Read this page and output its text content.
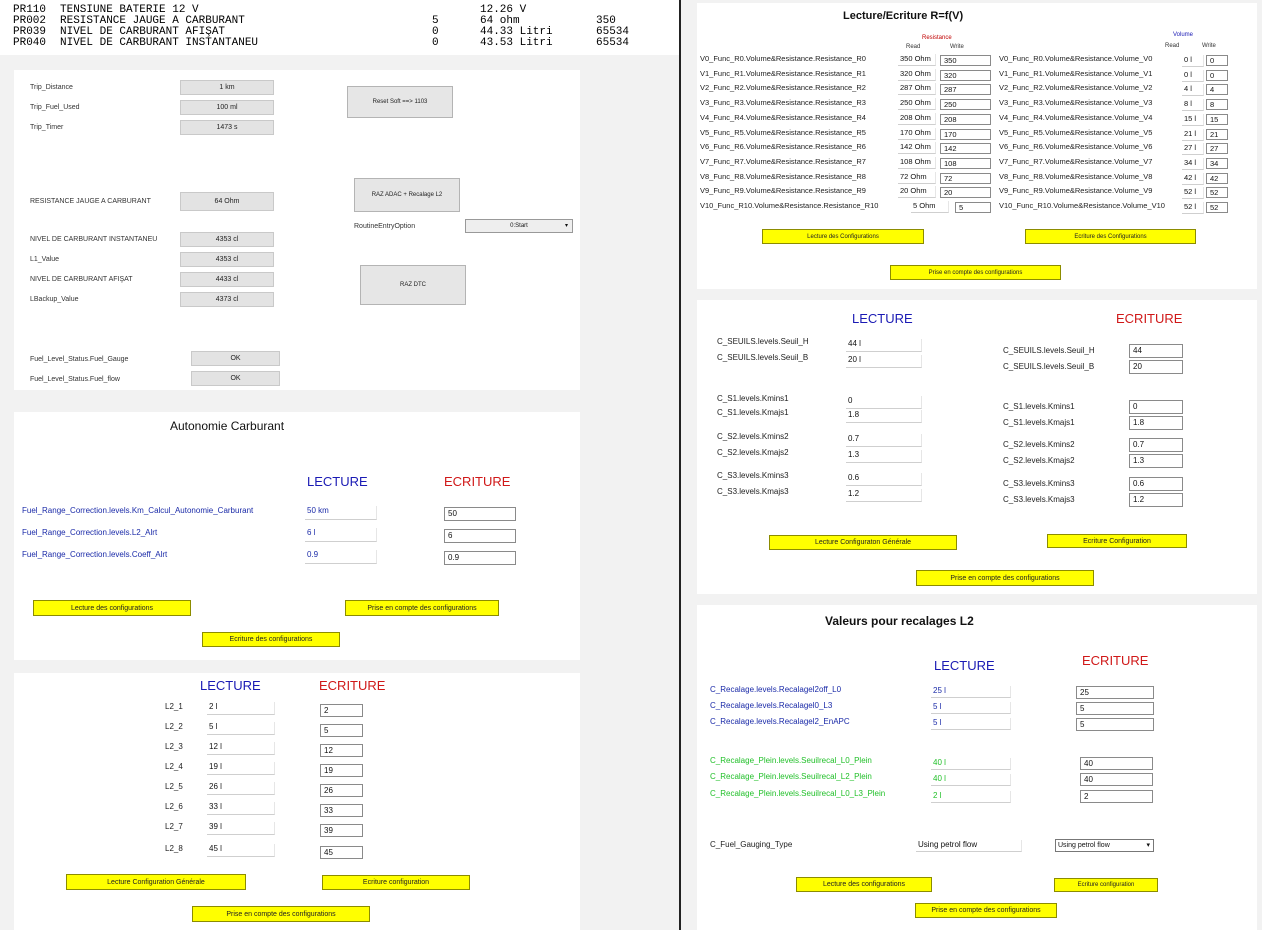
PR110 TENSIUNE BATERIE 12 V	12.26 V
PR002 RESISTANCE JAUGE A CARBURANT	5	64 ohm	350
PR039 NIVEL DE CARBURANT AFIŞAT	0	44.33 Litri	65534
PR040 NIVEL DE CARBURANT INSTANTANEU	0	43.53 Litri	65534
Trip_Distance	1 km
Trip_Fuel_Used	100 ml
Trip_Timer	1473 s
Reset Soft ==> 1103
RESISTANCE JAUGE A CARBURANT	64 Ohm
RAZ ADAC + Recalage L2
RoutineEntryOption	0:Start	▾
NIVEL DE CARBURANT INSTANTANEU	4353 cl
L1_Value	4353 cl
NIVEL DE CARBURANT AFIŞAT	4433 cl
LBackup_Value	4373 cl
RAZ DTC
Fuel_Level_Status.Fuel_Gauge	OK
Fuel_Level_Status.Fuel_flow	OK
Autonomie Carburant
LECTURE	ECRITURE
Fuel_Range_Correction.levels.Km_Calcul_Autonomie_Carburant	50 km	50
Fuel_Range_Correction.levels.L2_Alrt	6 l	6
Fuel_Range_Correction.levels.Coeff_Alrt	0.9	0.9
Lecture des configurations	Prise en compte des configurations
Ecriture des configurations
LECTURE	ECRITURE
L2_1	2 l	2
L2_2	5 l	5
L2_3	12 l	12
L2_4	19 l	19
L2_5	26 l	26
L2_6	33 l	33
L2_7	39 l	39
L2_8	45 l	45
Lecture Configuration Générale	Ecriture configuration
Prise en compte des configurations
Lecture/Ecriture R=f(V)
Resistance	Volume
Read	Write	Read	Write
V0_Func_R0.Volume&Resistance.Resistance_R0	350 Ohm	350	V0_Func_R0.Volume&Resistance.Volume_V0	0 l	0
V1_Func_R1.Volume&Resistance.Resistance_R1	320 Ohm	320	V1_Func_R1.Volume&Resistance.Volume_V1	0 l	0
V2_Func_R2.Volume&Resistance.Resistance_R2	287 Ohm	287	V2_Func_R2.Volume&Resistance.Volume_V2	4 l	4
V3_Func_R3.Volume&Resistance.Resistance_R3	250 Ohm	250	V3_Func_R3.Volume&Resistance.Volume_V3	8 l	8
V4_Func_R4.Volume&Resistance.Resistance_R4	208 Ohm	208	V4_Func_R4.Volume&Resistance.Volume_V4	15 l	15
V5_Func_R5.Volume&Resistance.Resistance_R5	170 Ohm	170	V5_Func_R5.Volume&Resistance.Volume_V5	21 l	21
V6_Func_R6.Volume&Resistance.Resistance_R6	142 Ohm	142	V6_Func_R6.Volume&Resistance.Volume_V6	27 l	27
V7_Func_R7.Volume&Resistance.Resistance_R7	108 Ohm	108	V7_Func_R7.Volume&Resistance.Volume_V7	34 l	34
V8_Func_R8.Volume&Resistance.Resistance_R8	72 Ohm	72	V8_Func_R8.Volume&Resistance.Volume_V8	42 l	42
V9_Func_R9.Volume&Resistance.Resistance_R9	20 Ohm	20	V9_Func_R9.Volume&Resistance.Volume_V9	52 l	52
V10_Func_R10.Volume&Resistance.Resistance_R10	5 Ohm	5	V10_Func_R10.Volume&Resistance.Volume_V10	52 l	52
Lecture des Configurations	Ecriture des Configurations
Prise en compte des configurations
LECTURE	ECRITURE
C_SEUILS.levels.Seuil_H	44 l
C_SEUILS.levels.Seuil_H	44
C_SEUILS.levels.Seuil_B	20 l
C_SEUILS.levels.Seuil_B	20
C_S1.levels.Kmins1	0
C_S1.levels.Kmins1	0
C_S1.levels.Kmajs1	1.8
C_S1.levels.Kmajs1	1.8
C_S2.levels.Kmins2	0.7
C_S2.levels.Kmins2	0.7
C_S2.levels.Kmajs2	1.3
C_S2.levels.Kmajs2	1.3
C_S3.levels.Kmins3	0.6
C_S3.levels.Kmins3	0.6
C_S3.levels.Kmajs3	1.2
C_S3.levels.Kmajs3	1.2
Lecture Configuraton Générale	Ecriture Configuration
Prise en compte des configurations
Valeurs pour recalages L2
LECTURE	ECRITURE
C_Recalage.levels.Recalagel2off_L0	25 l	25
C_Recalage.levels.Recalagel0_L3	5 l	5
C_Recalage.levels.Recalagel2_EnAPC	5 l	5
C_Recalage_Plein.levels.Seuilrecal_L0_Plein	40 l	40
C_Recalage_Plein.levels.Seuilrecal_L2_Plein	40 l	40
C_Recalage_Plein.levels.Seuilrecal_L0_L3_Plein	2 l	2
C_Fuel_Gauging_Type	Using petrol flow	Using petrol flow	▾
Lecture des configurations	Ecriture configuration
Prise en compte des configurations
